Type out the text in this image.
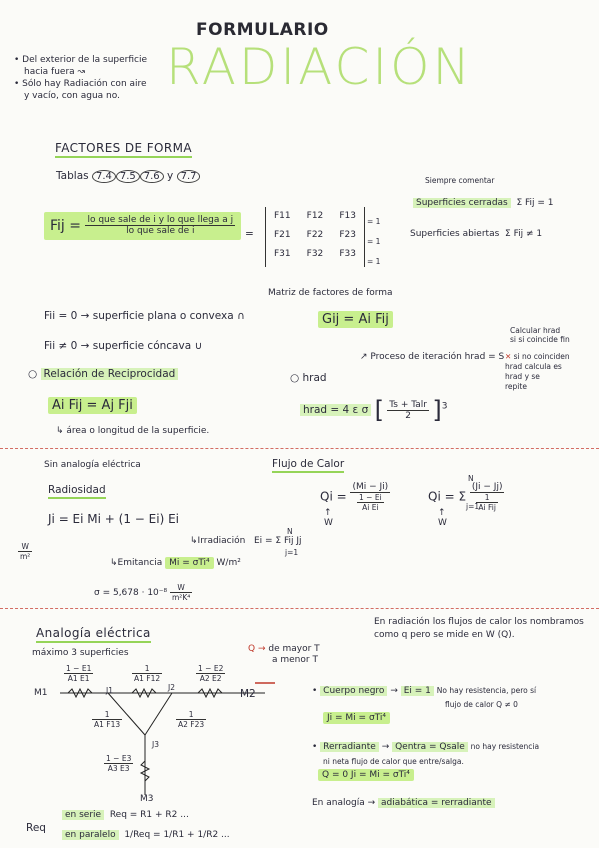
FORMULARIO
RADIACIÓN
• Del exterior de la superficie
hacia fuera ↝
• Sólo hay Radiación con aire
y vacío, con agua no.
FACTORES DE FORMA
Tablas 7.4 7.5 7.6 y 7.7
Fij = $\frac{\text{lo que sale de i y lo que llega a j}}{\text{lo que sale de i}}$ =
F11 F12 F13
F21 F22 F23
F31 F32 F33
= 1
= 1
= 1
Matriz de factores de forma
Siempre comentar
Superficies cerradas Σ Fij = 1
Superficies abiertas Σ Fij ≠ 1
Fii = 0 → superficie plana o convexa ∩
Fii ≠ 0 → superficie cóncava ∪
Gij = Ai Fij
○ Relación de Reciprocidad
Ai Fij = Aj Fji
↳ área o longitud de la superficie.
○ hrad
↗ Proceso de iteración hrad = S
Calcular hrad
si si coincide fin
✕ si no coinciden
hrad calcula es
hrad y se
repite
hrad = 4 ε σ [ $\frac{\text{Ts + Talr}}{2} ]^3$
Sin analogía eléctrica
Radiosidad
Ji = Ei Mi + (1 − Ei) Ei
$\frac{W}{\text{m²}}$
↳Irradiación Ei = Σ Fij Jj
N
j=1
↳Emitancia Mi = σTi⁴ W/m²
$\sigma = 5,678 \cdot 10^{-8} \frac{W}{\text{m²K⁴}}$
Flujo de Calor
$Qi = \frac{(Mi - Ji)}{\frac{1 - Ei}{\text{Ai Ei}}}$
↑
W
Qi = Σ $\frac{(Ji - Jj)}{\frac{1}{\text{Ai Fij}}}$
N
j=1
↑
W
Analogía eléctrica
máximo 3 superficies	Q → de mayor T
a menor T
$\frac{1 - E1}{A1 E1}$	$\frac{1}{A1 F12}$	$\frac{1 - E2}{A2 E2}$
$\frac{1}{A1 F13}$	$\frac{1}{A2 F23}$
$\frac{1 - E3}{A3 E3}$
M1	J1	J2
M2
J3
M3
En radiación los flujos de calor los nombramos
como q pero se mide en W (Q).
• Cuerpo negro → Ei = 1 No hay resistencia, pero sí
flujo de calor Q ≠ 0
Ji = Mi = σTi⁴
• Rerradiante → Qentra = Qsale no hay resistencia
ni neta flujo de calor que entre/salga.
Q = 0 Ji = Mi = σTi⁴
En analogía → adiabática = rerradiante
Req
en serie Req = R1 + R2 ...
en paralelo 1/Req = 1/R1 + 1/R2 ...
